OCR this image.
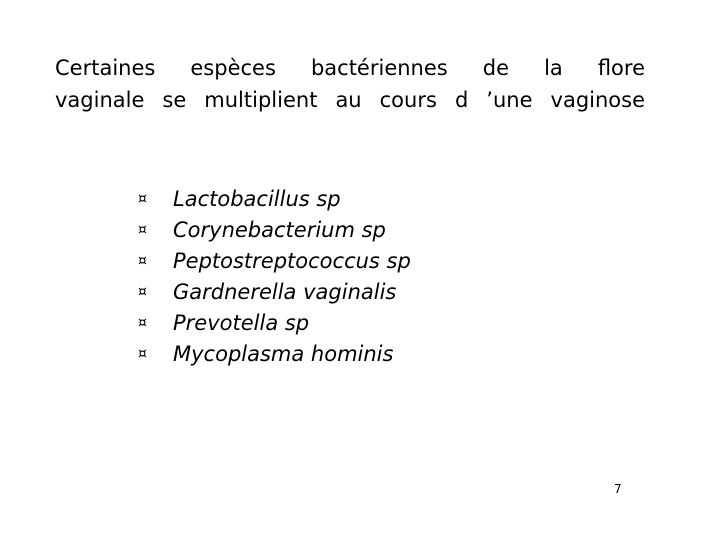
Certaines espèces bactériennes de la flore
vaginale se multiplient au cours d ’une vaginose
¤	Lactobacillus sp
¤	Corynebacterium sp
¤	Peptostreptococcus sp
¤	Gardnerella vaginalis
¤	Prevotella sp
¤	Mycoplasma hominis
7
